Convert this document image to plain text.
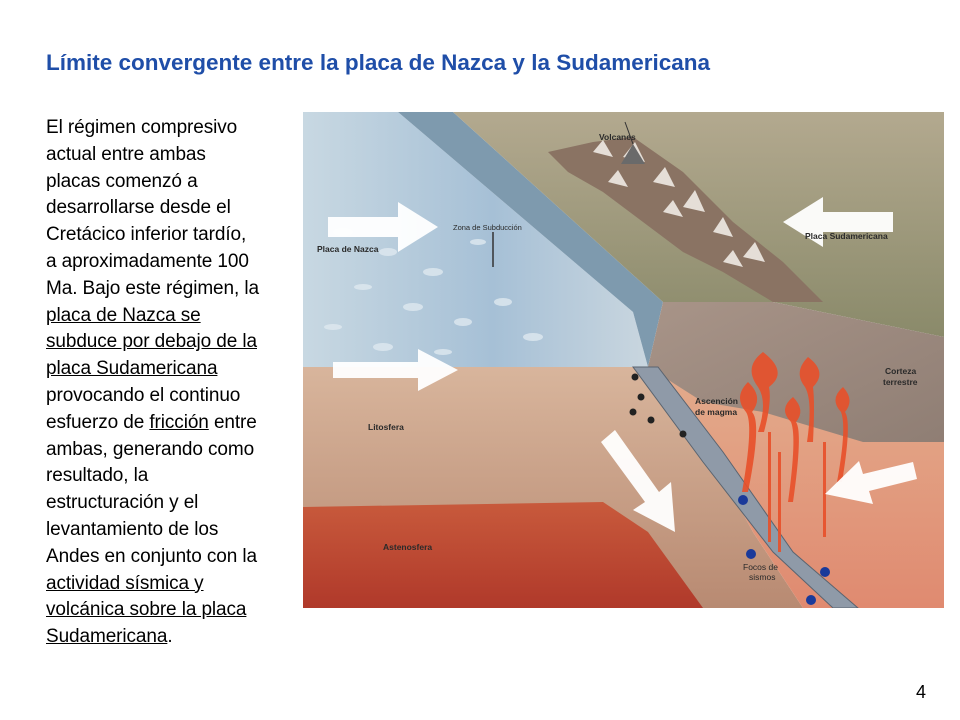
Límite convergente entre la placa de Nazca y la Sudamericana

El régimen compresivo
actual entre ambas
placas comenzó a
desarrollarse desde el
Cretácico inferior tardío,
a aproximadamente 100
Ma. Bajo este régimen, la
placa de Nazca se
subduce por debajo de la
placa Sudamericana
provocando el continuo
esfuerzo de fricción entre
ambas, generando como
resultado, la
estructuración y el
levantamiento de los
Andes en conjunto con la
actividad sísmica y
volcánica sobre la placa
Sudamericana.

Volcanes
Zona de Subducción
Placa de Nazca
Placa Sudamericana
Corteza
terrestre
Ascención
de magma
Litosfera
Astenosfera
Focos de
sismos
4
